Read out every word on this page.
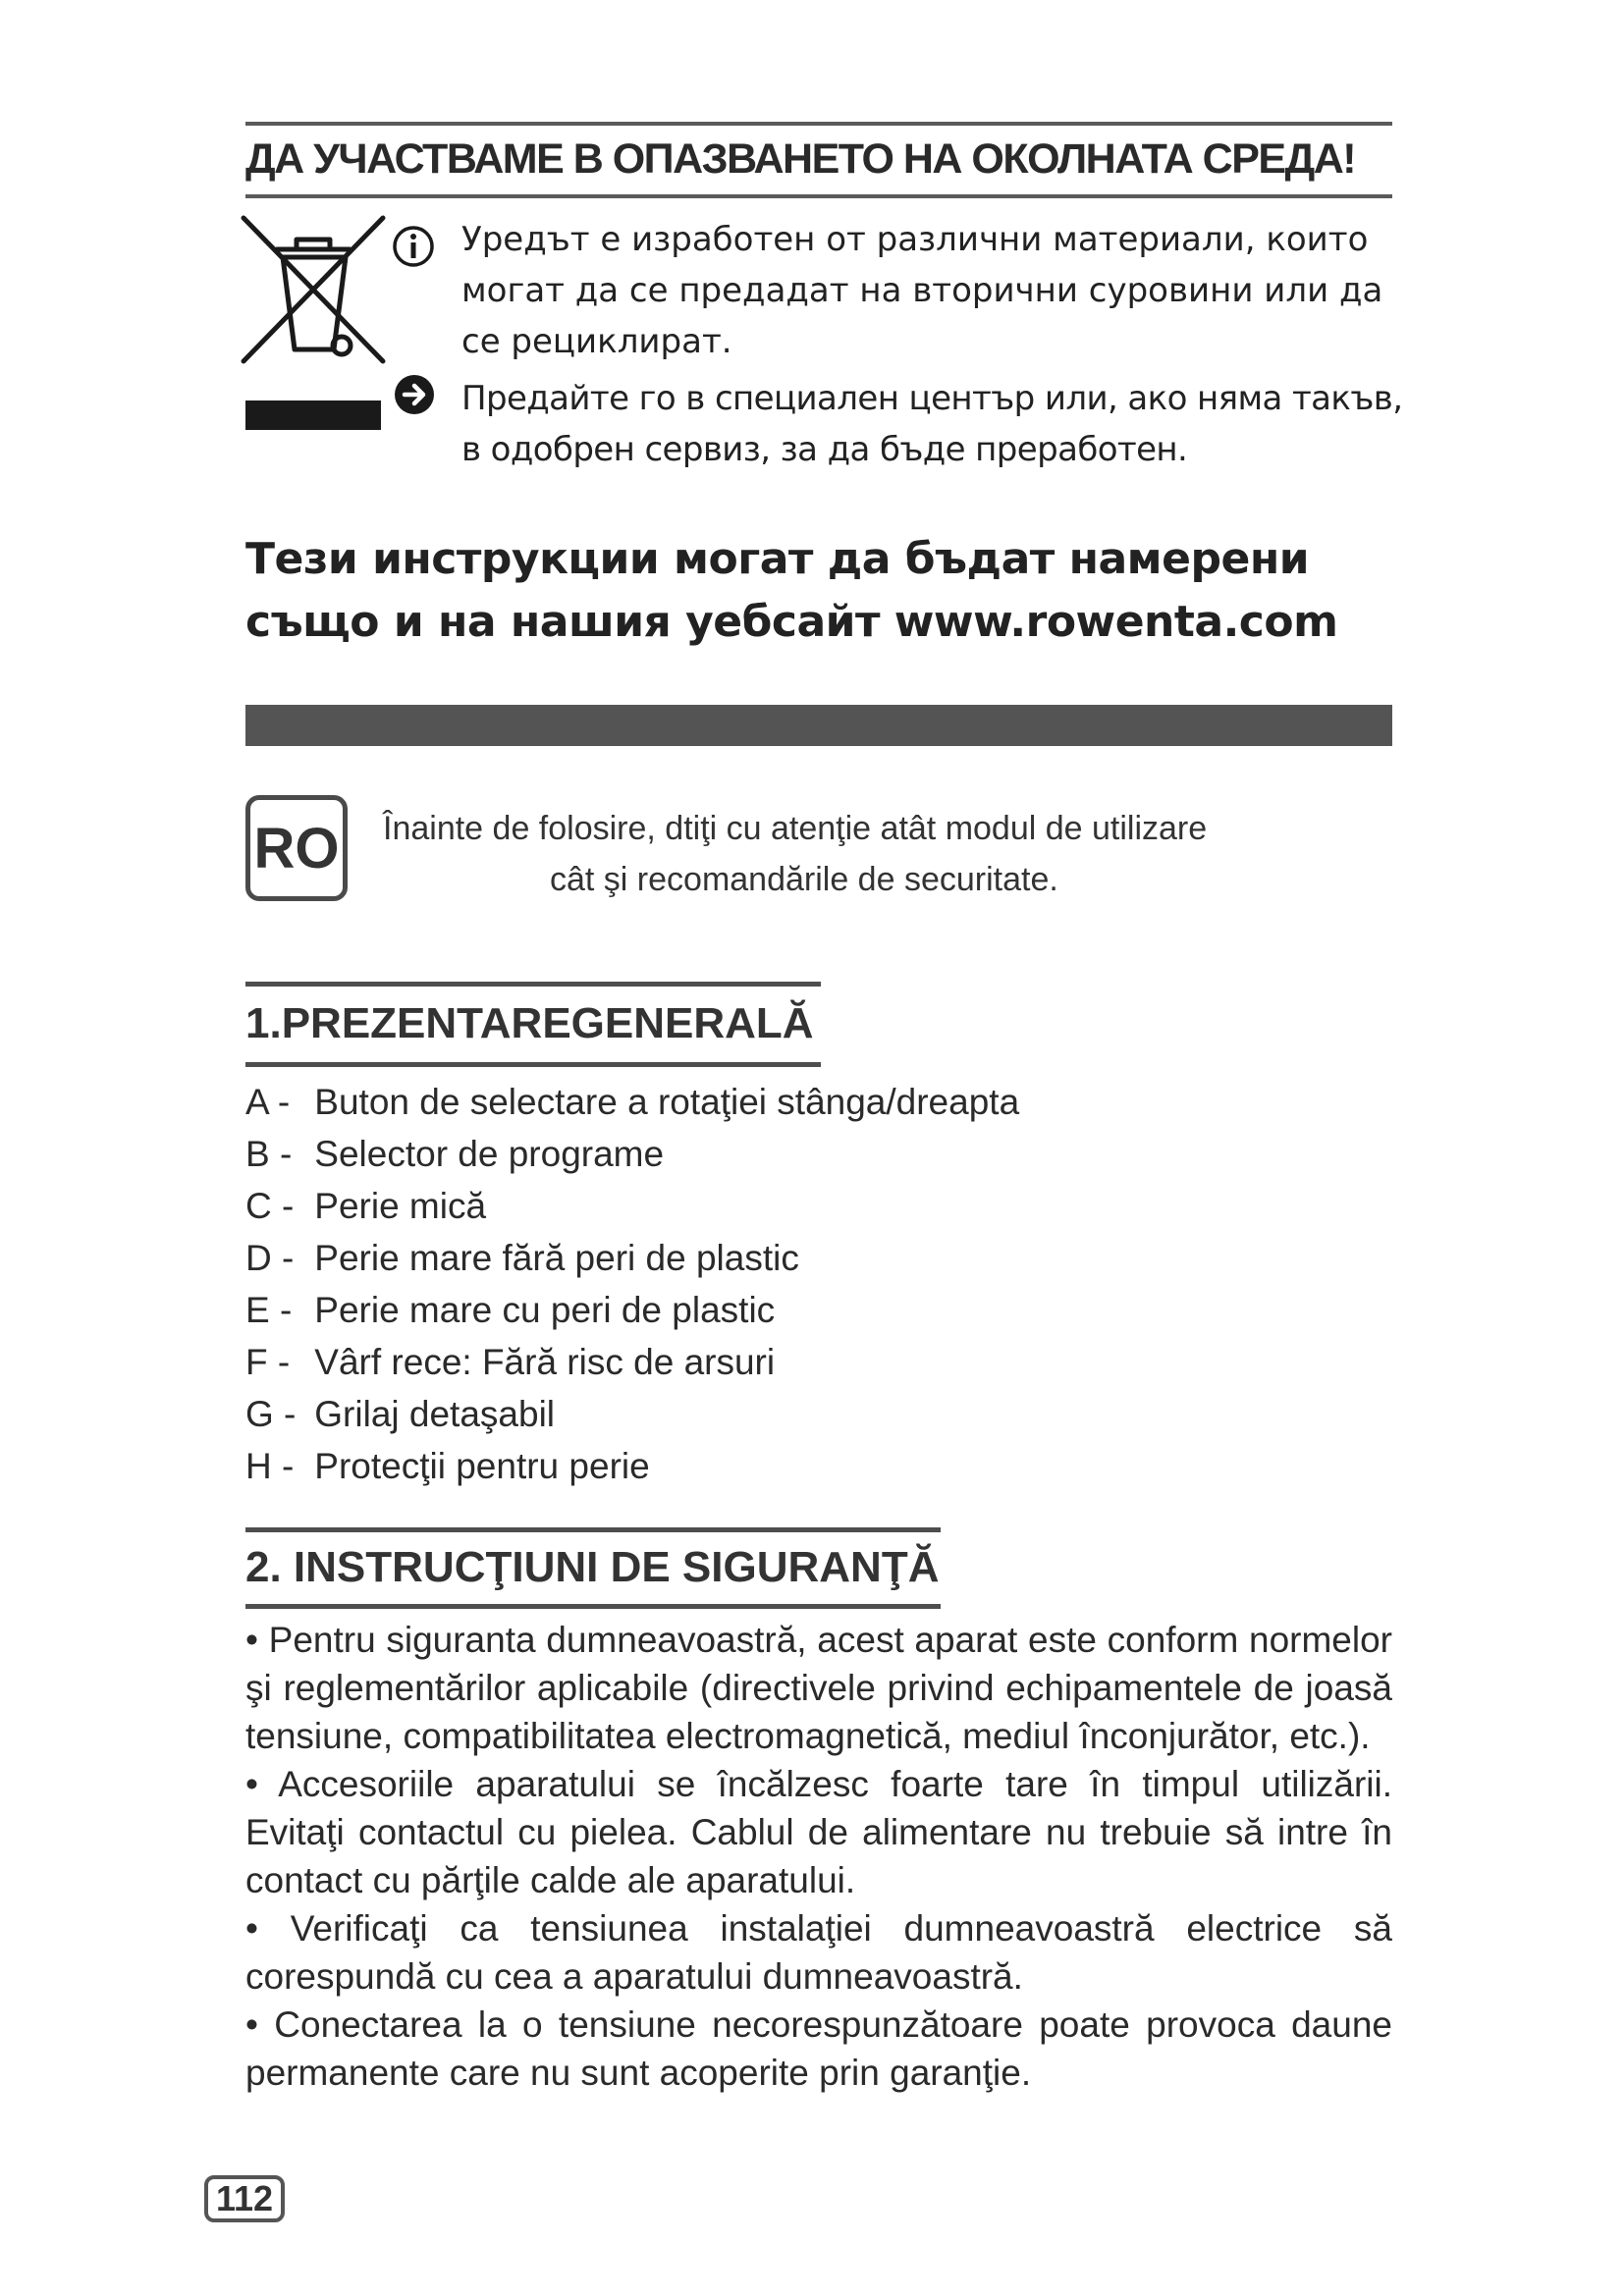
ДА УЧАСТВАМЕ В ОПАЗВАНЕТО НА ОКОЛНАТА СРЕДА!
Уредът е изработен от различни материали, които могат да се предадат на вторични суровини или да се рециклират.
Предайте го в специален център или, ако няма такъв, в одобрен сервиз, за да бъде преработен.
Тези инструкции могат да бъдат намерени също и на нашия уебсайт www.rowenta.com
RO Înainte de folosire, dtiţi cu atenţie atât modul de utilizare
cât şi recomandările de securitate.
1.PREZENTAREGENERALĂ
A - Buton de selectare a rotaţiei stânga/dreapta
B - Selector de programe
C - Perie mică
D - Perie mare fără peri de plastic
E - Perie mare cu peri de plastic
F - Vârf rece: Fără risc de arsuri
G - Grilaj detaşabil
H - Protecţii pentru perie
2. INSTRUCŢIUNI DE SIGURANŢĂ

• Pentru siguranta dumneavoastră, acest aparat este conform normelor şi reglementărilor aplicabile (directivele privind echipamentele de joasă tensiune, compatibilitatea electromagnetică, mediul înconjurător, etc.).

• Accesoriile aparatului se încălzesc foarte tare în timpul utilizării. Evitaţi contactul cu pielea. Cablul de alimentare nu trebuie să intre în contact cu părţile calde ale aparatului.

• Verificaţi ca tensiunea instalaţiei dumneavoastră electrice să corespundă cu cea a aparatului dumneavoastră.

• Conectarea la o tensiune necorespunzătoare poate provoca daune permanente care nu sunt acoperite prin garanţie.

112
